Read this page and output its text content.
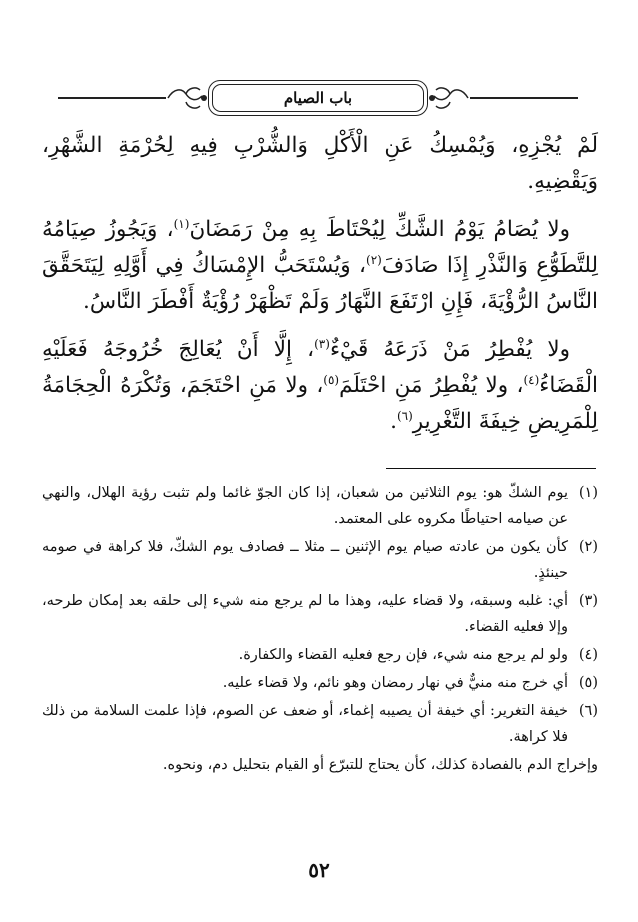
باب الصيام

لَمْ يُجْزِهِ، وَيُمْسِكُ عَنِ الْأَكْلِ وَالشُّرْبِ فِيهِ لِحُرْمَةِ الشَّهْرِ، وَيَقْضِيهِ.

ولا يُصَامُ يَوْمُ الشَّكِّ لِيُحْتَاطَ بِهِ مِنْ رَمَضَانَ$^{(١)}$، وَيَجُوزُ صِيَامُهُ لِلتَّطَوُّعِ وَالنَّذْرِ إِذَا صَادَفَ$^{(٢)}$، وَيُسْتَحَبُّ الإِمْسَاكُ فِي أَوَّلِهِ لِيَتَحَقَّقَ النَّاسُ الرُّؤْيَةَ، فَإِنِ ارْتَفَعَ النَّهَارُ وَلَمْ تَظْهَرْ رُؤْيَةٌ أَفْطَرَ النَّاسُ.

ولا يُفْطِرُ مَنْ ذَرَعَهُ قَيْءٌ$^{(٣)}$، إِلَّا أَنْ يُعَالِجَ خُرُوجَهُ فَعَلَيْهِ الْقَضَاءُ$^{(٤)}$، ولا يُفْطِرُ مَنِ احْتَلَمَ$^{(٥)}$، ولا مَنِ احْتَجَمَ، وَتُكْرَهُ الْحِجَامَةُ لِلْمَرِيضِ خِيفَةَ التَّغْرِيرِ$^{(٦)}$.

(١)
يوم الشكّ هو: يوم الثلاثين من شعبان، إذا كان الجوّ غائما ولم تثبت رؤية الهلال، والنهي عن صيامه احتياطًا مكروه على المعتمد.
(٢)
كأن يكون من عادته صيام يوم الإثنين ــ مثلا ــ فصادف يوم الشكّ، فلا كراهة في صومه حينئذٍ.
(٣)
أي: غلبه وسبقه، ولا قضاء عليه، وهذا ما لم يرجع منه شيء إلى حلقه بعد إمكان طرحه، وإلا فعليه القضاء.
(٤)
ولو لم يرجع منه شيء، فإن رجع فعليه القضاء والكفارة.
(٥)
أي خرج منه منيٌّ في نهار رمضان وهو نائم، ولا قضاء عليه.
(٦)
خيفة التغرير: أي خيفة أن يصيبه إغماء، أو ضعف عن الصوم، فإذا علمت السلامة من ذلك فلا كراهة.
وإخراج الدم بالفصادة كذلك، كأن يحتاج للتبرّع أو القيام بتحليل دم، ونحوه.
٥٢
